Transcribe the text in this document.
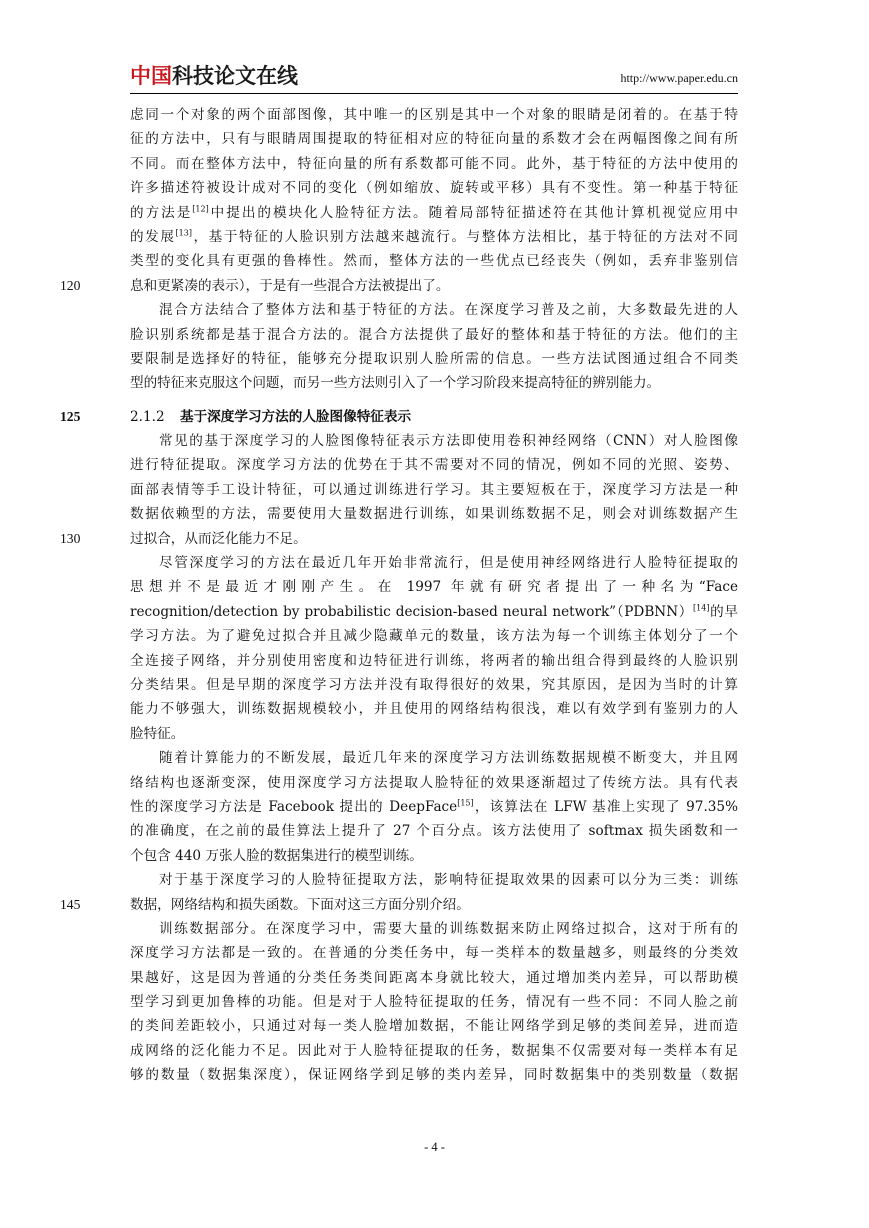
中国科技论文在线	http://www.paper.edu.cn
虑同一个对象的两个面部图像，其中唯一的区别是其中一个对象的眼睛是闭着的。在基于特
征的方法中，只有与眼睛周围提取的特征相对应的特征向量的系数才会在两幅图像之间有所
不同。而在整体方法中，特征向量的所有系数都可能不同。此外，基于特征的方法中使用的
许多描述符被设计成对不同的变化（例如缩放、旋转或平移）具有不变性。第一种基于特征
的方法是[12]中提出的模块化人脸特征方法。随着局部特征描述符在其他计算机视觉应用中
的发展[13]，基于特征的人脸识别方法越来越流行。与整体方法相比，基于特征的方法对不同
类型的变化具有更强的鲁棒性。然而，整体方法的一些优点已经丧失（例如，丢弃非鉴别信
息和更紧凑的表示），于是有一些混合方法被提出了。
120
混合方法结合了整体方法和基于特征的方法。在深度学习普及之前，大多数最先进的人
脸识别系统都是基于混合方法的。混合方法提供了最好的整体和基于特征的方法。他们的主
要限制是选择好的特征，能够充分提取识别人脸所需的信息。一些方法试图通过组合不同类
型的特征来克服这个问题，而另一些方法则引入了一个学习阶段来提高特征的辨别能力。
2.1.2 基于深度学习方法的人脸图像特征表示
125
常见的基于深度学习的人脸图像特征表示方法即使用卷积神经网络（CNN）对人脸图像
进行特征提取。深度学习方法的优势在于其不需要对不同的情况，例如不同的光照、姿势、
面部表情等手工设计特征，可以通过训练进行学习。其主要短板在于，深度学习方法是一种
数据依赖型的方法，需要使用大量数据进行训练，如果训练数据不足，则会对训练数据产生
过拟合，从而泛化能力不足。
130
尽管深度学习的方法在最近几年开始非常流行，但是使用神经网络进行人脸特征提取的
思想并不是最近才刚刚产生。在 1997 年就有研究者提出了一种名为“Face
recognition/detection by probabilistic decision-based neural network”（PDBNN）[14]的早
学习方法。为了避免过拟合并且减少隐藏单元的数量，该方法为每一个训练主体划分了一个
全连接子网络，并分别使用密度和边特征进行训练，将两者的输出组合得到最终的人脸识别
分类结果。但是早期的深度学习方法并没有取得很好的效果，究其原因，是因为当时的计算
能力不够强大，训练数据规模较小，并且使用的网络结构很浅，难以有效学到有鉴别力的人
脸特征。
随着计算能力的不断发展，最近几年来的深度学习方法训练数据规模不断变大，并且网
络结构也逐渐变深，使用深度学习方法提取人脸特征的效果逐渐超过了传统方法。具有代表
性的深度学习方法是 Facebook 提出的 DeepFace[15]，该算法在 LFW 基准上实现了 97.35%
的准确度，在之前的最佳算法上提升了 27 个百分点。该方法使用了 softmax 损失函数和一
个包含 440 万张人脸的数据集进行的模型训练。
对于基于深度学习的人脸特征提取方法，影响特征提取效果的因素可以分为三类：训练
数据，网络结构和损失函数。下面对这三方面分别介绍。
145
训练数据部分。在深度学习中，需要大量的训练数据来防止网络过拟合，这对于所有的
深度学习方法都是一致的。在普通的分类任务中，每一类样本的数量越多，则最终的分类效
果越好，这是因为普通的分类任务类间距离本身就比较大，通过增加类内差异，可以帮助模
型学习到更加鲁棒的功能。但是对于人脸特征提取的任务，情况有一些不同：不同人脸之前
的类间差距较小，只通过对每一类人脸增加数据，不能让网络学到足够的类间差异，进而造
成网络的泛化能力不足。因此对于人脸特征提取的任务，数据集不仅需要对每一类样本有足
够的数量（数据集深度），保证网络学到足够的类内差异，同时数据集中的类别数量（数据
- 4 -
